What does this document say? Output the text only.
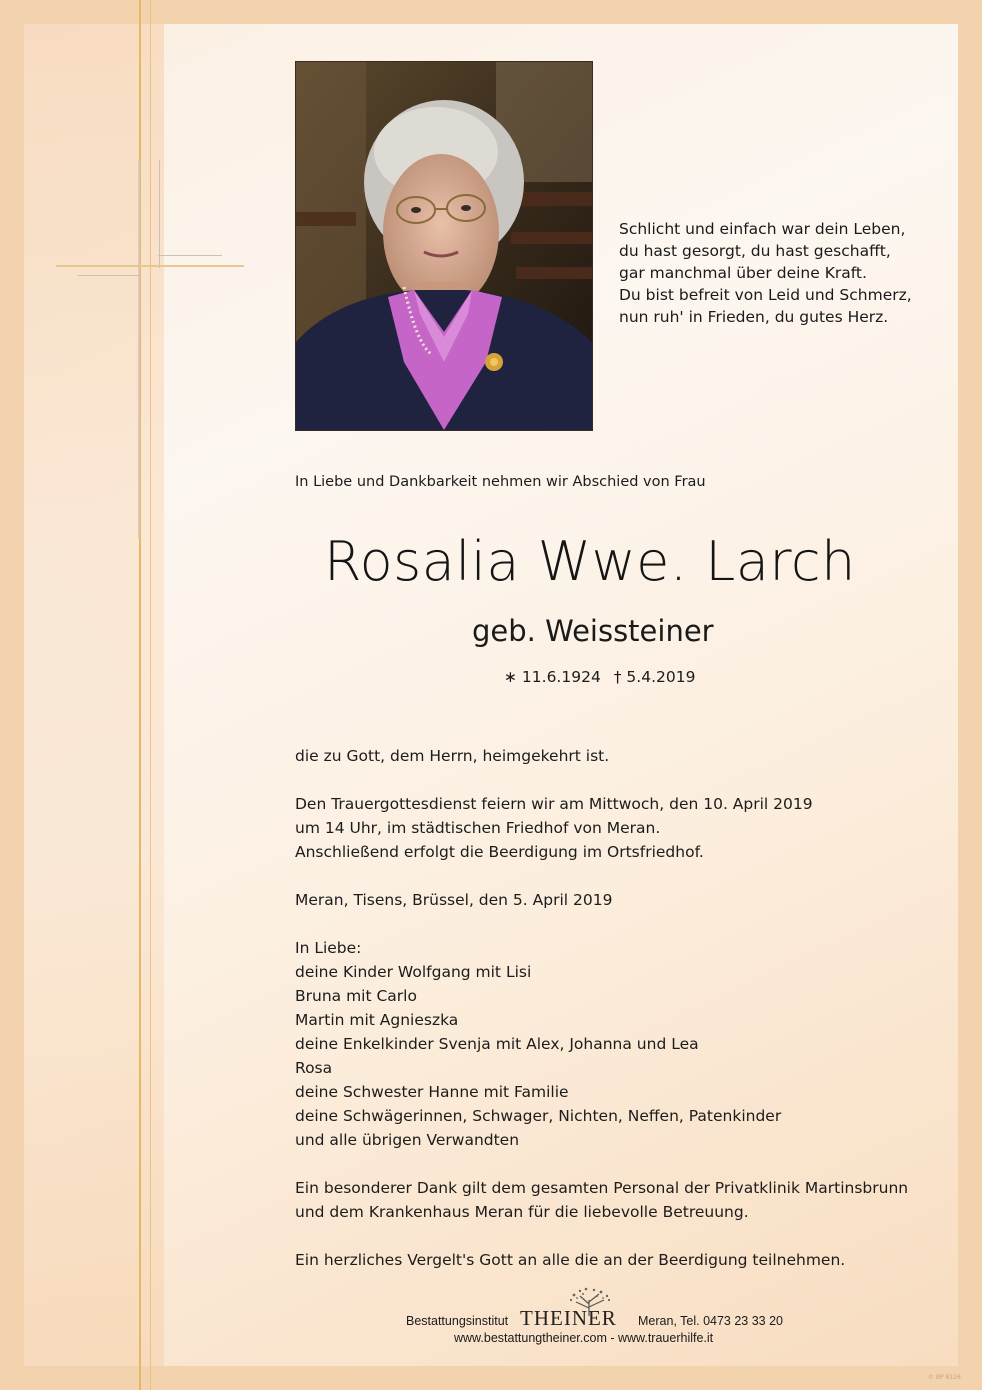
Schlicht und einfach war dein Leben,
du hast gesorgt, du hast geschafft,
gar manchmal über deine Kraft.
Du bist befreit von Leid und Schmerz,
nun ruh' in Frieden, du gutes Herz.
In Liebe und Dankbarkeit nehmen wir Abschied von Frau
Rosalia Wwe. Larch
geb. Weissteiner
∗ 11.6.1924 † 5.4.2019

die zu Gott, dem Herrn, heimgekehrt ist.

Den Trauergottesdienst feiern wir am Mittwoch, den 10. April 2019
um 14 Uhr, im städtischen Friedhof von Meran.
Anschließend erfolgt die Beerdigung im Ortsfriedhof.

Meran, Tisens, Brüssel, den 5. April 2019

In Liebe:
deine Kinder Wolfgang mit Lisi
Bruna mit Carlo
Martin mit Agnieszka
deine Enkelkinder Svenja mit Alex, Johanna und Lea
Rosa
deine Schwester Hanne mit Familie
deine Schwägerinnen, Schwager, Nichten, Neffen, Patenkinder
und alle übrigen Verwandten

Ein besonderer Dank gilt dem gesamten Personal der Privatklinik Martinsbrunn
und dem Krankenhaus Meran für die liebevolle Betreuung.

Ein herzliches Vergelt's Gott an alle die an der Beerdigung teilnehmen.

Bestattungsinstitut THEINER Meran, Tel. 0473 23 33 20
www.bestattungtheiner.com - www.trauerhilfe.it
© BP 8126
